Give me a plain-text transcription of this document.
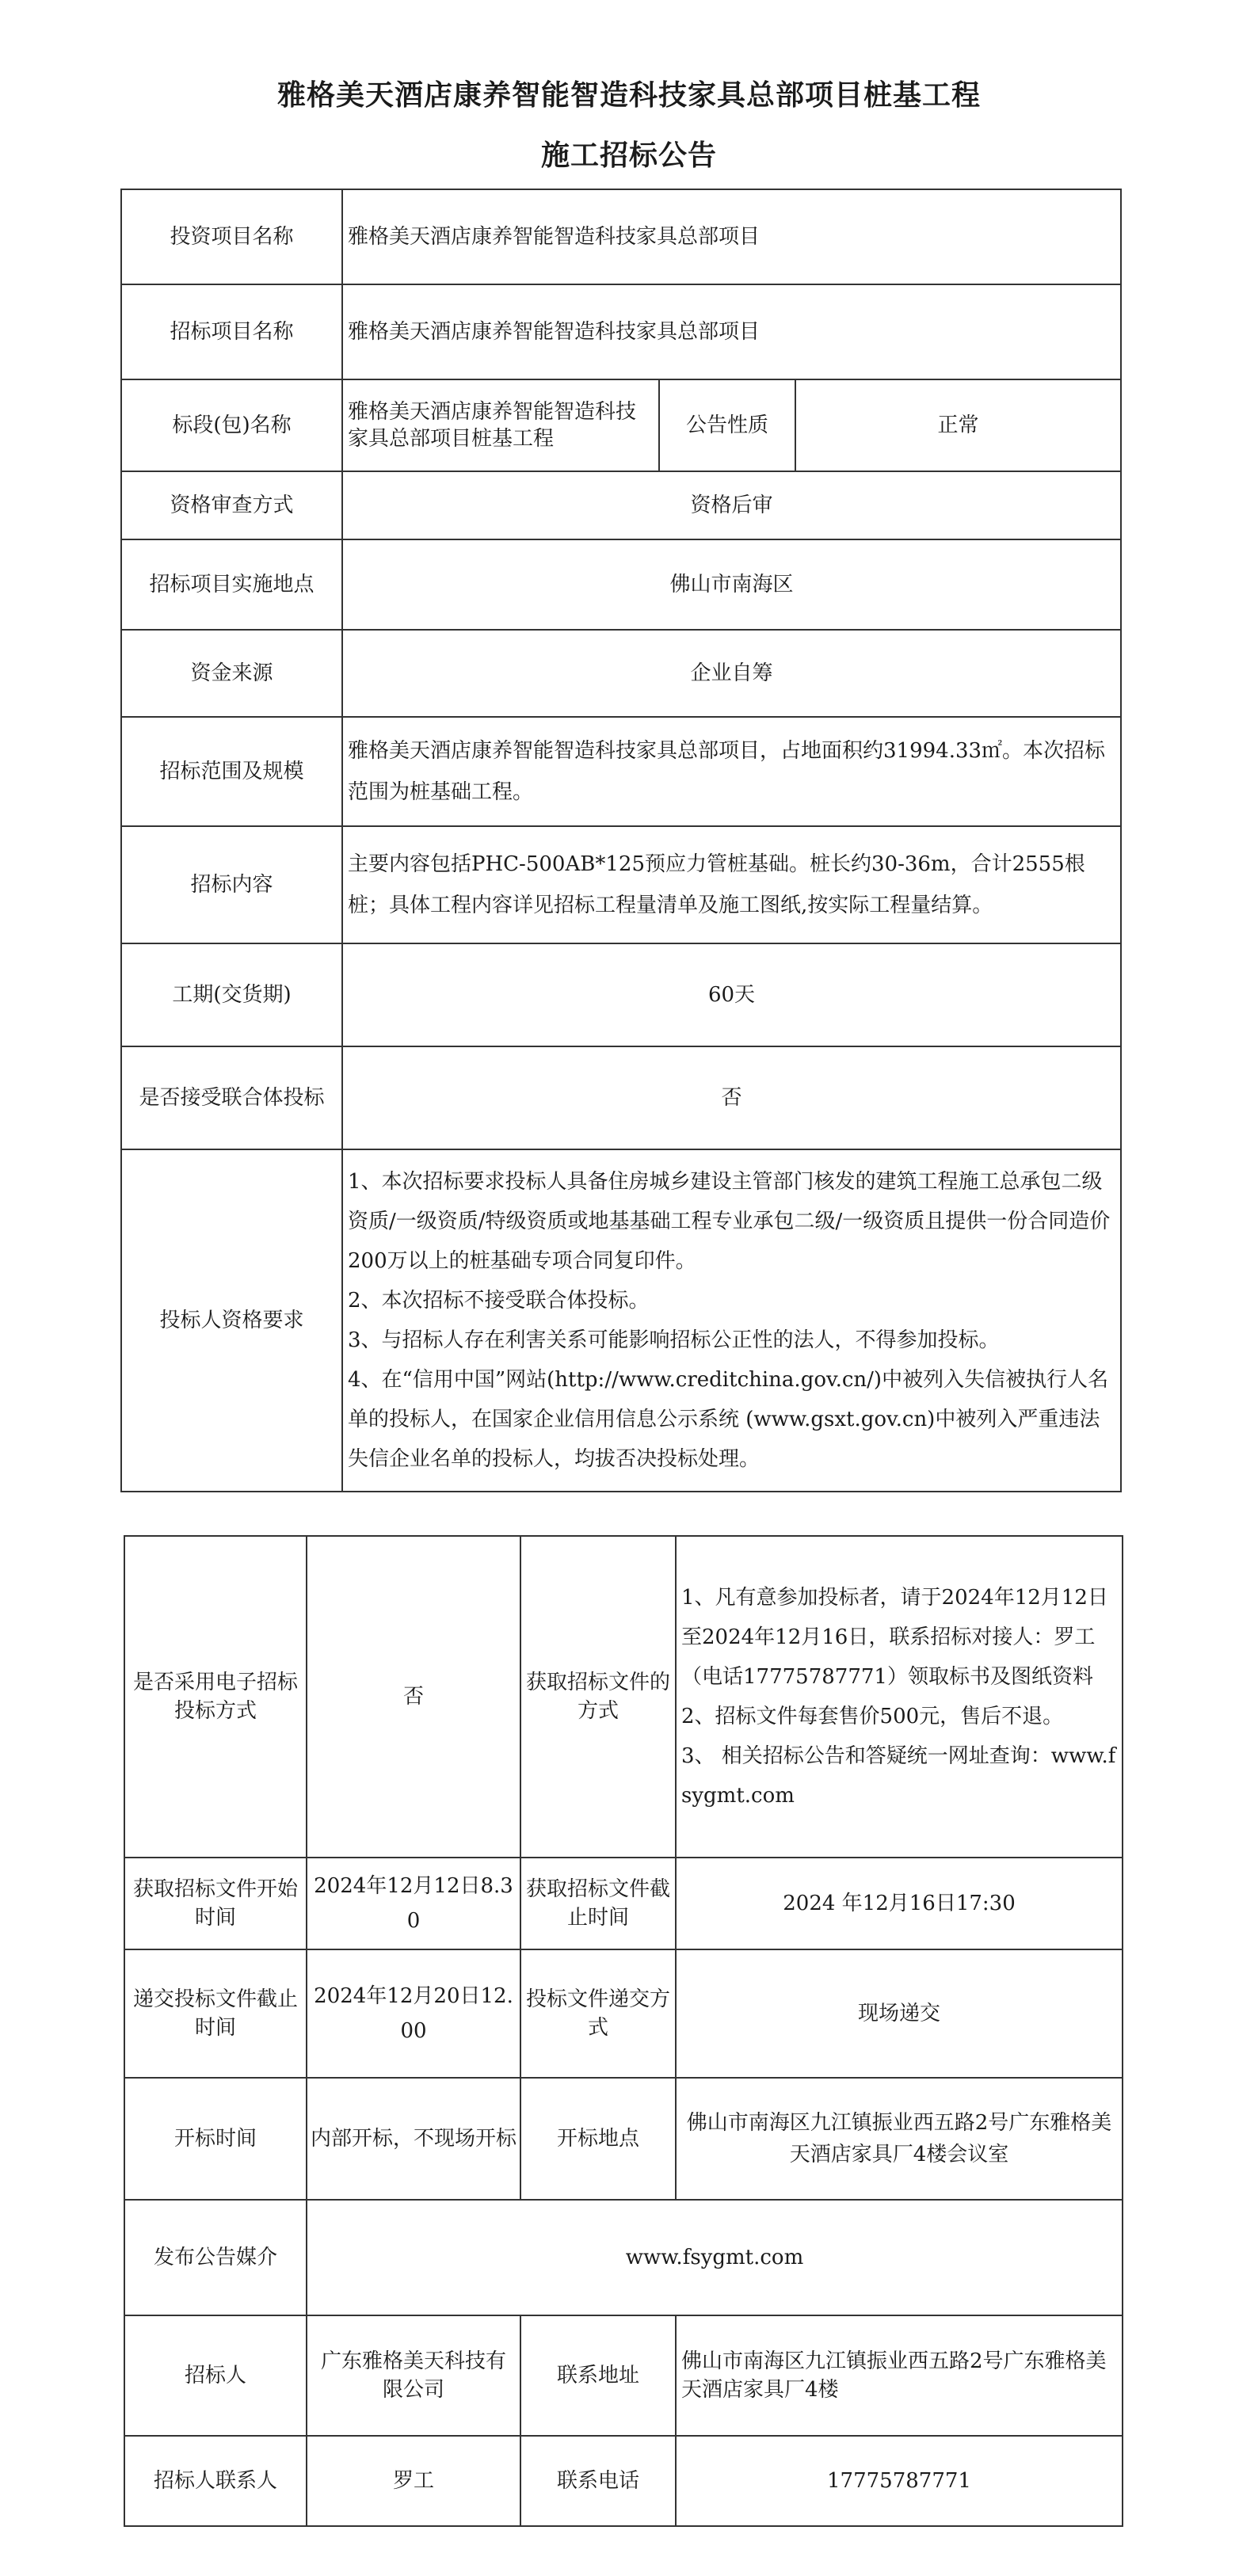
雅格美天酒店康养智能智造科技家具总部项目桩基工程
施工招标公告
投资项目名称	雅格美天酒店康养智能智造科技家具总部项目		
招标项目名称	雅格美天酒店康养智能智造科技家具总部项目		
标段(包)名称	雅格美天酒店康养智能智造科技家具总部项目桩基工程	公告性质	正常
资格审查方式	资格后审		
招标项目实施地点	佛山市南海区		
资金来源	企业自筹		
招标范围及规模	雅格美天酒店康养智能智造科技家具总部项目，占地面积约31994.33㎡。本次招标范围为桩基础工程。		
招标内容	主要内容包括PHC-500AB*125预应力管桩基础。桩长约30-36m，合计2555根桩；具体工程内容详见招标工程量清单及施工图纸,按实际工程量结算。		
工期(交货期)	60天		
是否接受联合体投标	否		
投标人资格要求	1、本次招标要求投标人具备住房城乡建设主管部门核发的建筑工程施工总承包二级资质/一级资质/特级资质或地基基础工程专业承包二级/一级资质且提供一份合同造价200万以上的桩基础专项合同复印件。
2、本次招标不接受联合体投标。
3、与招标人存在利害关系可能影响招标公正性的法人，不得参加投标。
4、在“信用中国”网站(http://www.creditchina.gov.cn/)中被列入失信被执行人名单的投标人，在国家企业信用信息公示系统 (www.gsxt.gov.cn)中被列入严重违法失信企业名单的投标人，均拔否决投标处理。		
是否采用电子招标投标方式	否	获取招标文件的方式	1、凡有意参加投标者，请于2024年12月12日至2024年12月16日，联系招标对接人：罗工（电话17775787771）领取标书及图纸资料
2、招标文件每套售价500元，售后不退。
3、 相关招标公告和答疑统一网址查询：www.fsygmt.com

获取招标文件开始时间	2024年12月12日8.30	获取招标文件截止时间	2024 年12月16日17:30
递交投标文件截止时间	2024年12月20日12.00	投标文件递交方式	现场递交
开标时间	内部开标，不现场开标	开标地点	佛山市南海区九江镇振业西五路2号广东雅格美天酒店家具厂4楼会议室
发布公告媒介	www.fsygmt.com		
招标人	广东雅格美天科技有限公司	联系地址	佛山市南海区九江镇振业西五路2号广东雅格美天酒店家具厂4楼
招标人联系人	罗工	联系电话	17775787771
